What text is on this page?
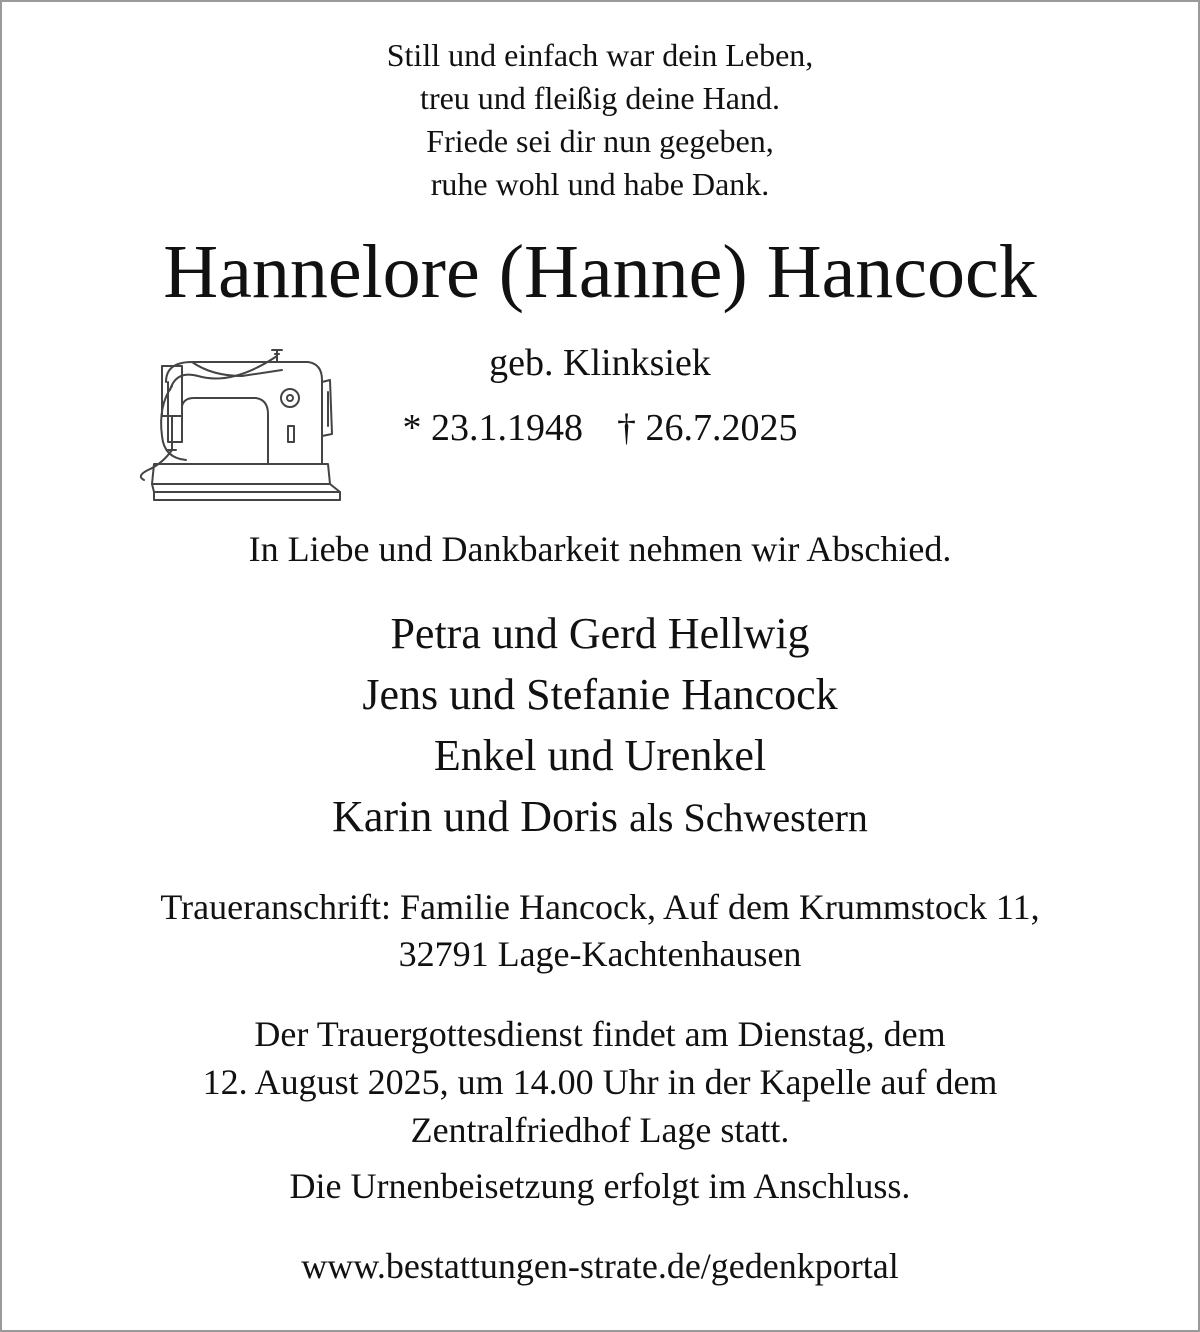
Still und einfach war dein Leben,
treu und fleißig deine Hand.
Friede sei dir nun gegeben,
ruhe wohl und habe Dank.
Hannelore (Hanne) Hancock
geb. Klinksiek
* 23.1.1948 † 26.7.2025
In Liebe und Dankbarkeit nehmen wir Abschied.
Petra und Gerd Hellwig
Jens und Stefanie Hancock
Enkel und Urenkel
Karin und Doris als Schwestern
Traueranschrift: Familie Hancock, Auf dem Krummstock 11,
32791 Lage-Kachtenhausen
Der Trauergottesdienst findet am Dienstag, dem
12. August 2025, um 14.00 Uhr in der Kapelle auf dem
Zentralfriedhof Lage statt.
Die Urnenbeisetzung erfolgt im Anschluss.
www.bestattungen-strate.de/gedenkportal
